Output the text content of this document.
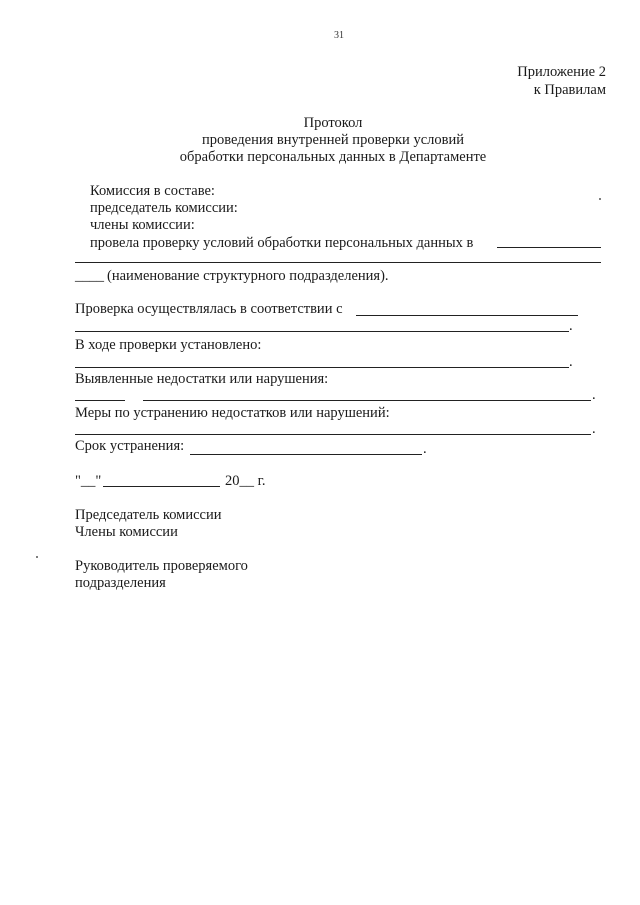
31
Приложение 2
к Правилам
Протокол
проведения внутренней проверки условий
обработки персональных данных в Департаменте
Комиссия в составе:
председатель комиссии:
члены комиссии:
провела проверку условий обработки персональных данных в
____ (наименование структурного подразделения).
Проверка осуществлялась в соответствии с
.
В ходе проверки установлено:
.
Выявленные недостатки или нарушения:
.
Меры по устранению недостатков или нарушений:
.
Срок устранения:	.
"__"	20__ г.
Председатель комиссии
Члены комиссии
Руководитель проверяемого
подразделения
